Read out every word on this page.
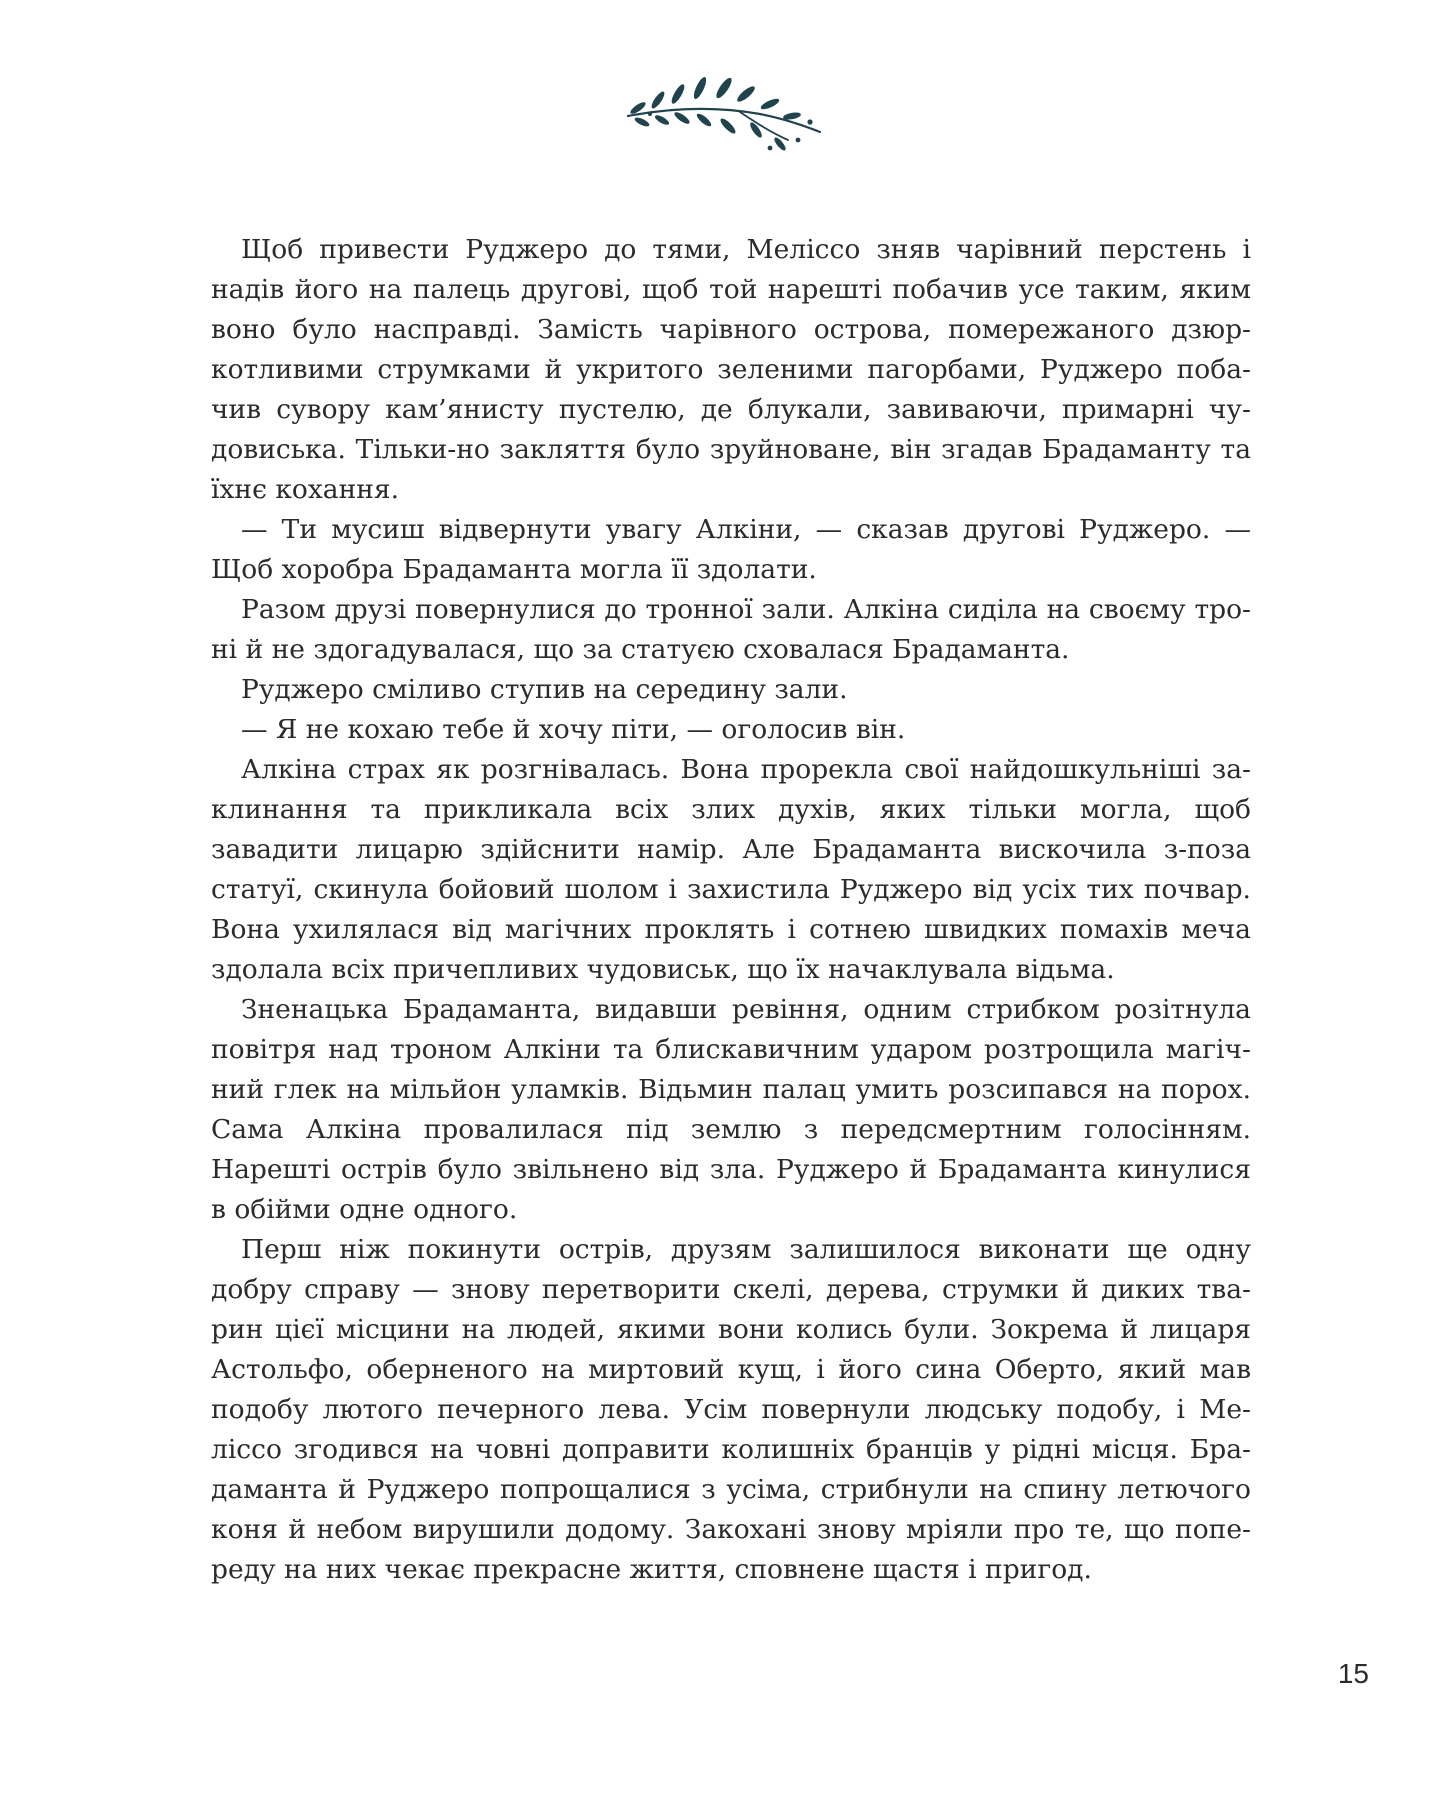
Щоб привести Руджеро до тями, Меліссо зняв чарівний перстень і надів його на палець другові, щоб той нарешті побачив усе таким, яким воно було насправді. Замість чарівного острова, помережаного дзюркотливими струмками й укритого зеленими пагорбами, Руджеро побачив сувору кам’янисту пустелю, де блукали, завиваючи, примарні чудовиська. Тільки-но закляття було зруйноване, він згадав Брадаманту та їхнє кохання.

— Ти мусиш відвернути увагу Алкіни, — сказав другові Руджеро. — Щоб хоробра Брадаманта могла її здолати.

Разом друзі повернулися до тронної зали. Алкіна сиділа на своєму троні й не здогадувалася, що за статуєю сховалася Брадаманта.

Руджеро сміливо ступив на середину зали.

— Я не кохаю тебе й хочу піти, — оголосив він.

Алкіна страх як розгнівалась. Вона прорекла свої найдошкульніші заклинання та прикликала всіх злих духів, яких тільки могла, щоб завадити лицарю здійснити намір. Але Брадаманта вискочила з-поза статуї, скинула бойовий шолом і захистила Руджеро від усіх тих почвар. Вона ухилялася від магічних проклять і сотнею швидких помахів меча здолала всіх причепливих чудовиськ, що їх начаклувала відьма.

Зненацька Брадаманта, видавши ревіння, одним стрибком розітнула повітря над троном Алкіни та блискавичним ударом розтрощила магічний глек на мільйон уламків. Відьмин палац умить розсипався на порох. Сама Алкіна провалилася під землю з передсмертним голосінням. Нарешті острів було звільнено від зла. Руджеро й Брадаманта кинулися в обійми одне одного.

Перш ніж покинути острів, друзям залишилося виконати ще одну добру справу — знову перетворити скелі, дерева, струмки й диких тварин цієї місцини на людей, якими вони колись були. Зокрема й лицаря Астольфо, оберненого на миртовий кущ, і його сина Оберто, який мав подобу лютого печерного лева. Усім повернули людську подобу, і Меліссо згодився на човні доправити колишніх бранців у рідні місця. Брадаманта й Руджеро попрощалися з усіма, стрибнули на спину летючого коня й небом вирушили додому. Закохані знову мріяли про те, що попереду на них чекає прекрасне життя, сповнене щастя і пригод.

15
